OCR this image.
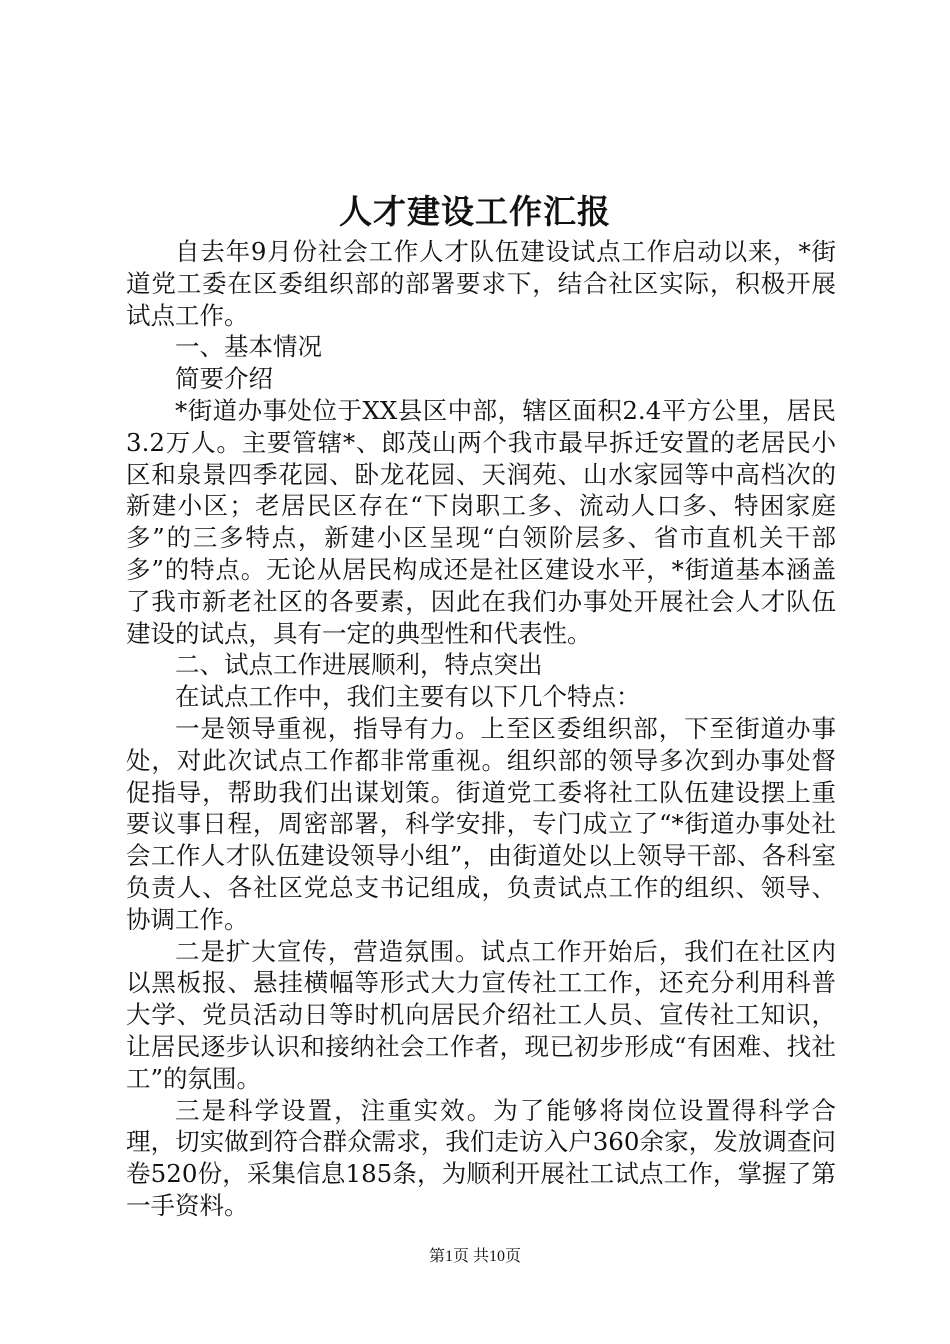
人才建设工作汇报

自去年9月份社会工作人才队伍建设试点工作启动以来，*街道党工委在区委组织部的部署要求下，结合社区实际，积极开展试点工作。

一、基本情况

简要介绍

*街道办事处位于XX县区中部，辖区面积2.4平方公里，居民3.2万人。主要管辖*、郎茂山两个我市最早拆迁安置的老居民小区和泉景四季花园、卧龙花园、天润苑、山水家园等中高档次的新建小区；老居民区存在“下岗职工多、流动人口多、特困家庭多”的三多特点，新建小区呈现“白领阶层多、省市直机关干部多”的特点。无论从居民构成还是社区建设水平，*街道基本涵盖了我市新老社区的各要素，因此在我们办事处开展社会人才队伍建设的试点，具有一定的典型性和代表性。

二、试点工作进展顺利，特点突出

在试点工作中，我们主要有以下几个特点：

一是领导重视，指导有力。上至区委组织部，下至街道办事处，对此次试点工作都非常重视。组织部的领导多次到办事处督促指导，帮助我们出谋划策。街道党工委将社工队伍建设摆上重要议事日程，周密部署，科学安排，专门成立了“*街道办事处社会工作人才队伍建设领导小组”，由街道处以上领导干部、各科室负责人、各社区党总支书记组成，负责试点工作的组织、领导、协调工作。

二是扩大宣传，营造氛围。试点工作开始后，我们在社区内以黑板报、悬挂横幅等形式大力宣传社工工作，还充分利用科普大学、党员活动日等时机向居民介绍社工人员、宣传社工知识，让居民逐步认识和接纳社会工作者，现已初步形成“有困难、找社工”的氛围。

三是科学设置，注重实效。为了能够将岗位设置得科学合理，切实做到符合群众需求，我们走访入户360余家，发放调查问卷520份，采集信息185条，为顺利开展社工试点工作，掌握了第一手资料。

第1页 共10页
